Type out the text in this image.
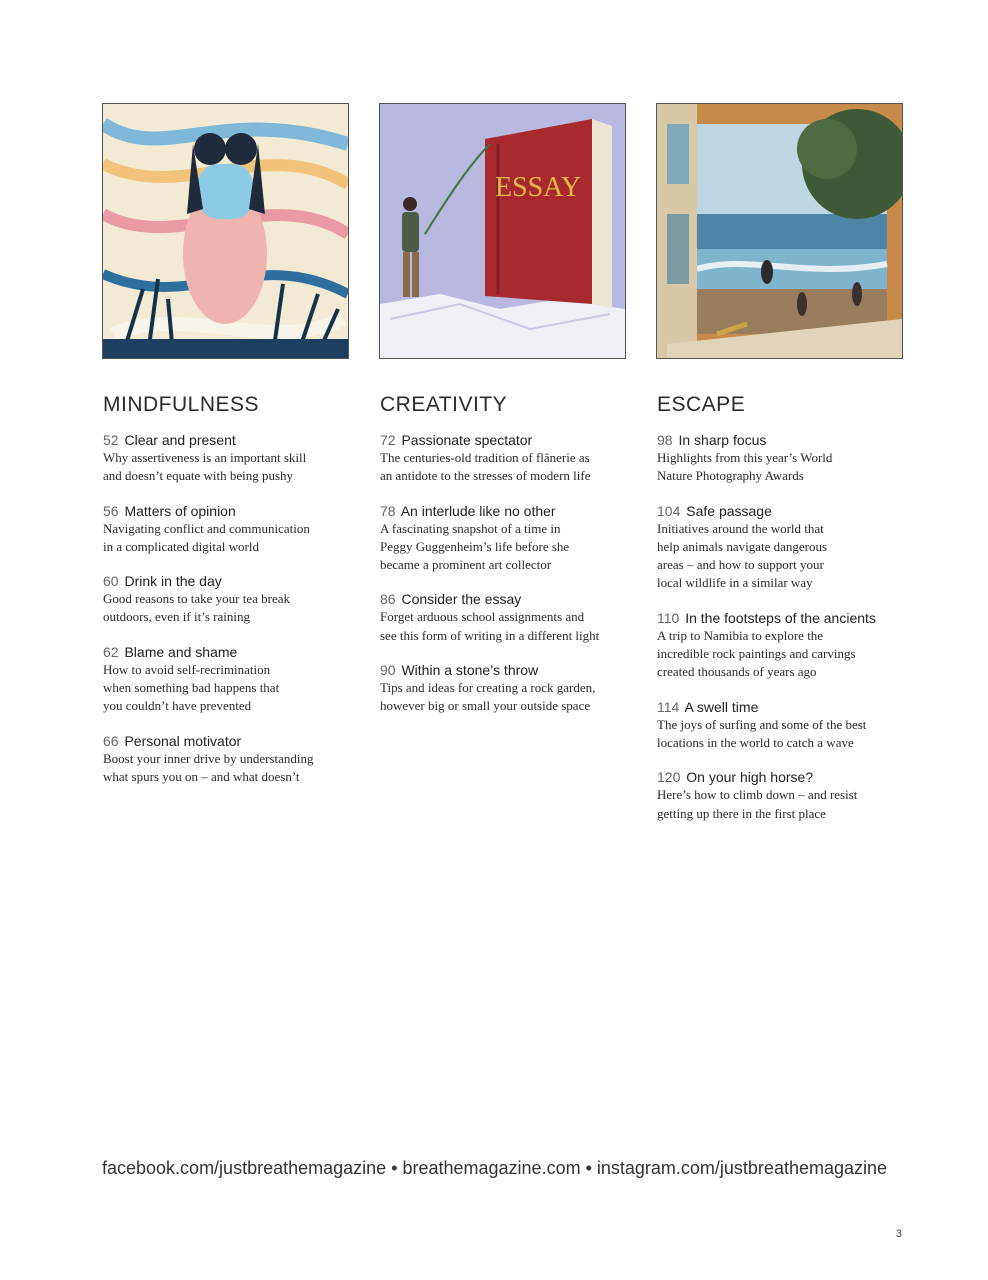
MINDFULNESS
52 Clear and present
Why assertiveness is an important skill
and doesn’t equate with being pushy
56 Matters of opinion
Navigating conflict and communication
in a complicated digital world
60 Drink in the day
Good reasons to take your tea break
outdoors, even if it’s raining
62 Blame and shame
How to avoid self-recrimination
when something bad happens that
you couldn’t have prevented
66 Personal motivator
Boost your inner drive by understanding
what spurs you on – and what doesn’t
ESSAY
CREATIVITY
72 Passionate spectator
The centuries-old tradition of flânerie as
an antidote to the stresses of modern life
78 An interlude like no other
A fascinating snapshot of a time in
Peggy Guggenheim’s life before she
became a prominent art collector
86 Consider the essay
Forget arduous school assignments and
see this form of writing in a different light
90 Within a stone’s throw
Tips and ideas for creating a rock garden,
however big or small your outside space
ESCAPE
98 In sharp focus
Highlights from this year’s World
Nature Photography Awards
104 Safe passage
Initiatives around the world that
help animals navigate dangerous
areas – and how to support your
local wildlife in a similar way
110 In the footsteps of the ancients
A trip to Namibia to explore the
incredible rock paintings and carvings
created thousands of years ago
114 A swell time
The joys of surfing and some of the best
locations in the world to catch a wave
120 On your high horse?
Here’s how to climb down – and resist
getting up there in the first place
facebook.com/justbreathemagazine • breathemagazine.com • instagram.com/justbreathemagazine
3
